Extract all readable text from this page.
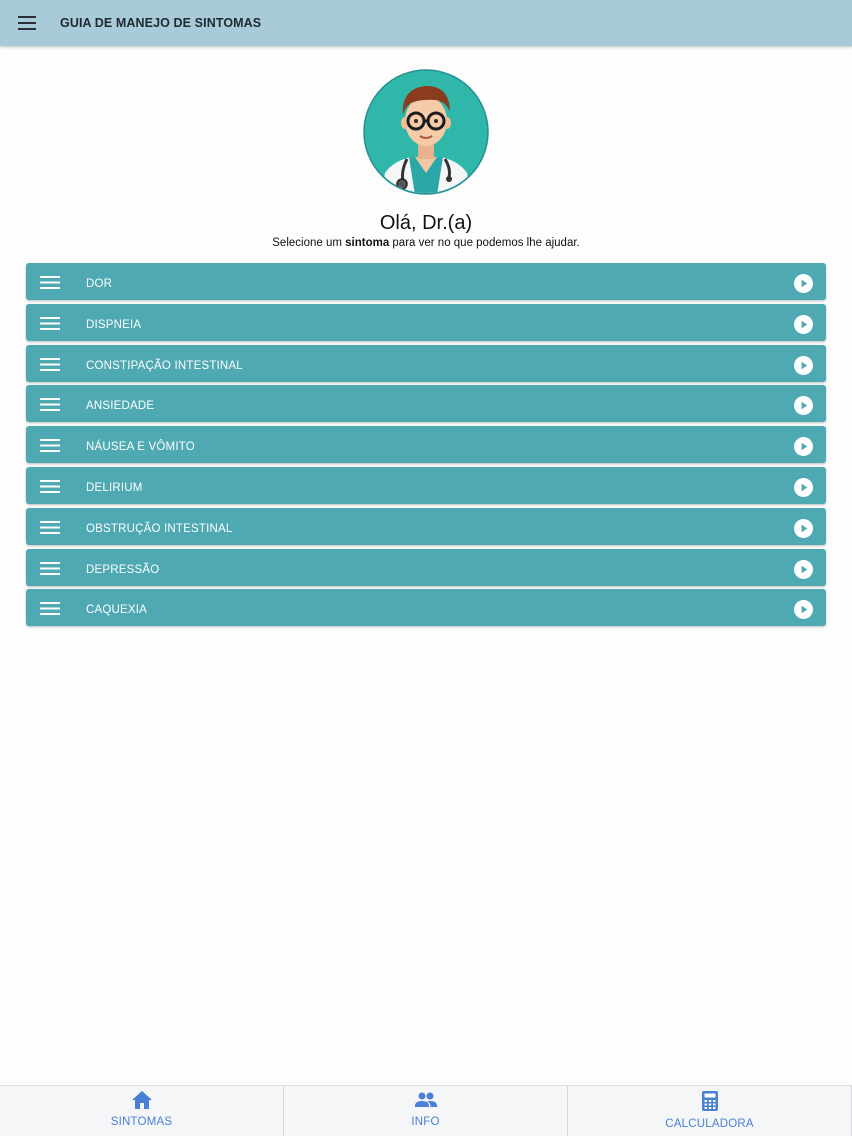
GUIA DE MANEJO DE SINTOMAS
Olá, Dr.(a)
Selecione um sintoma para ver no que podemos lhe ajudar.
DOR
DISPNEIA
CONSTIPAÇÃO INTESTINAL
ANSIEDADE
NÁUSEA E VÔMITO
DELIRIUM
OBSTRUÇÃO INTESTINAL
DEPRESSÃO
CAQUEXIA
SINTOMAS	INFO	CALCULADORA
